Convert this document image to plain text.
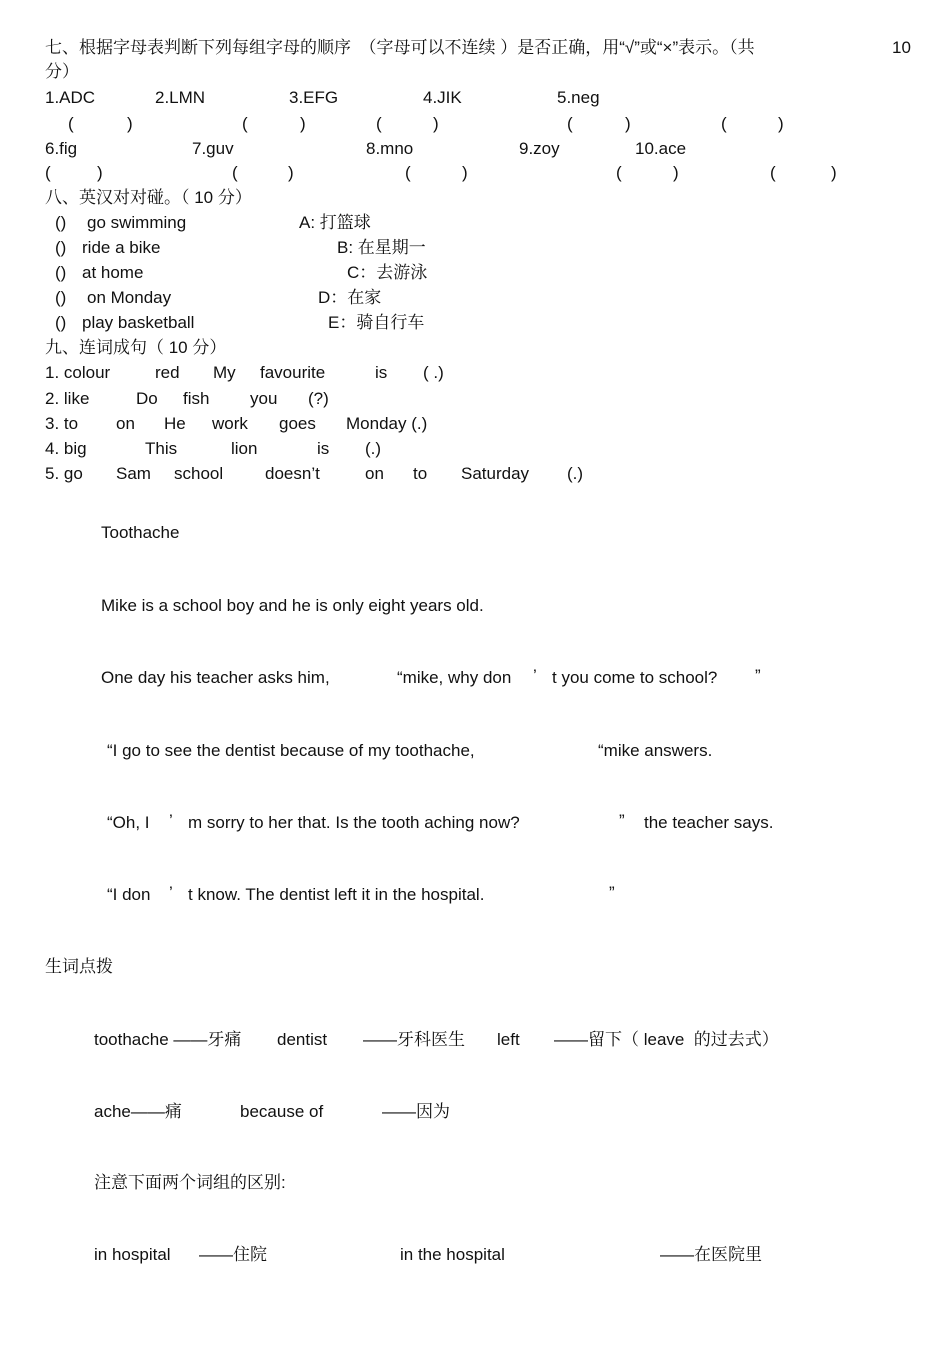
七、根据字母表判断下列每组字母的顺序　（字母可以不连续 ）是否正确，用“√”或“×”表示。（共	10
分）
1.ADC	2.LMN	3.EFG	4.JIK	5.neg
(	)	(	)	(	)	(	)	(	)
6.fig	7.guv	8.mno	9.zoy	10.ace
(	)	(	)	(	)	(	)	(	)
八、英汉对对碰。（ 10 分）
() go swimming	A: 打篮球
() ride a bike	B: 在星期一
() at home	C：去游泳
() on Monday	D：在家
() play basketball	E：骑自行车
九、连词成句（ 10 分）
1. colour	red My favourite	is ( .)
2. like	Do fish you (?)
3. to on He work goes Monday (.)
4. big	This	lion	is (.)
5. go Sam school doesn’t	on to Saturday (.)
Toothache
Mike is a school boy and he is only eight years old.
One day his teacher asks him,	“mike, why don ’ t you come to school? ”
“I go to see the dentist because of my toothache,	“mike answers.
“Oh, I ’ m sorry to her that. Is the tooth aching now?	” the teacher says.
“I don ’ t know. The dentist left it in the hospital.	”
生词点拨
toothache ——牙痛 dentist ——牙科医生 left ——留下（ leave  的过去式）
ache——痛	because of	——因为
注意下面两个词组的区别:
in hospital ——住院	in the hospital	——在医院里
